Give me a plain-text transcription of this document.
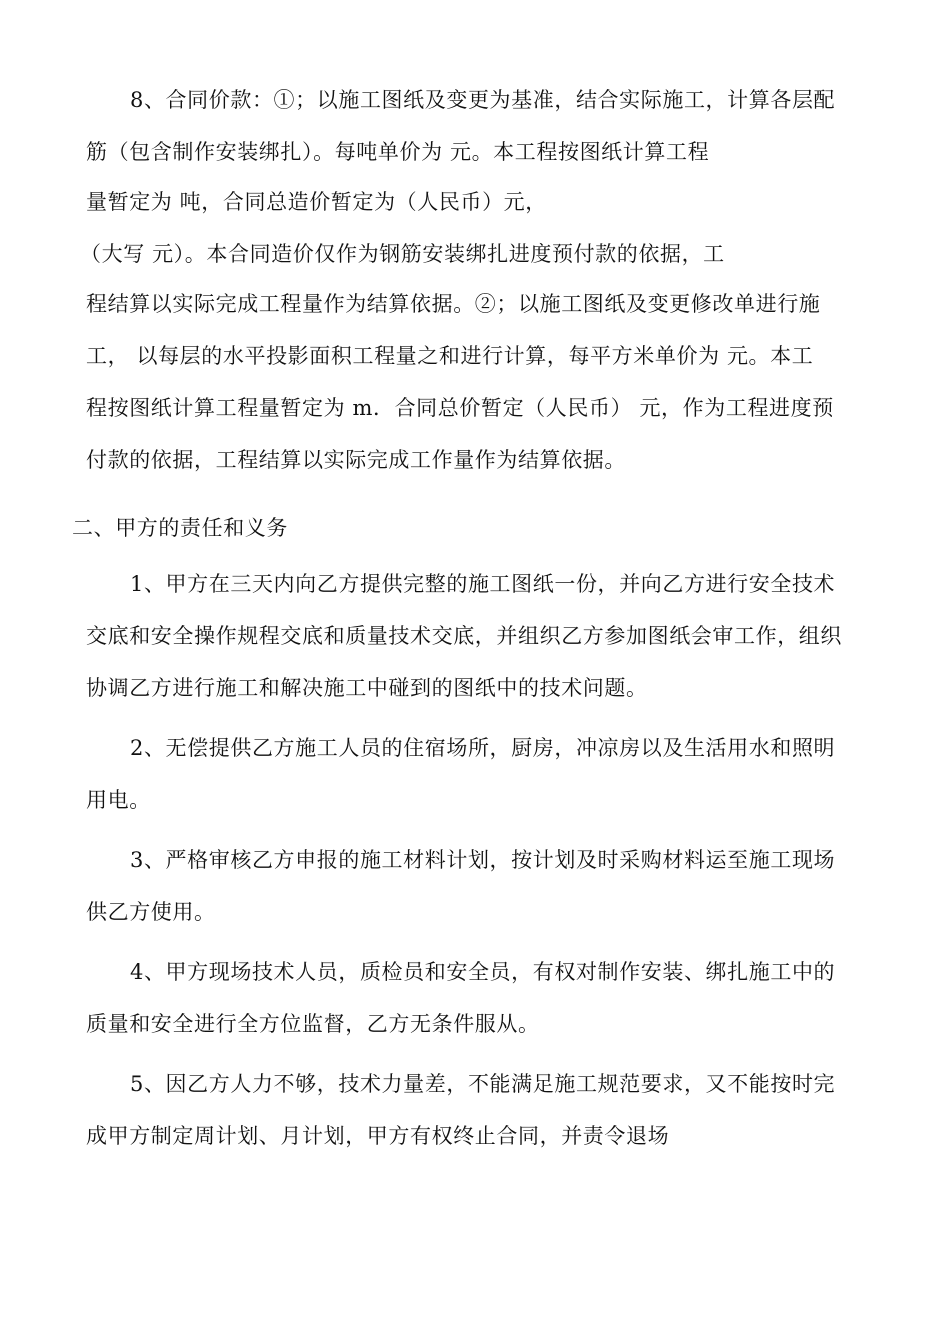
8、合同价款：①；以施工图纸及变更为基准，结合实际施工，计算各层配
筋（包含制作安装绑扎）。每吨单价为 元。本工程按图纸计算工程
量暂定为 吨，合同总造价暂定为（人民币）元，
（大写 元）。本合同造价仅作为钢筋安装绑扎进度预付款的依据，工
程结算以实际完成工程量作为结算依据。②；以施工图纸及变更修改单进行施
工， 以每层的水平投影面积工程量之和进行计算，每平方米单价为 元。本工
程按图纸计算工程量暂定为 m．合同总价暂定（人民币） 元，作为工程进度预
付款的依据，工程结算以实际完成工作量作为结算依据。
二、甲方的责任和义务
1、甲方在三天内向乙方提供完整的施工图纸一份，并向乙方进行安全技术
交底和安全操作规程交底和质量技术交底，并组织乙方参加图纸会审工作，组织
协调乙方进行施工和解决施工中碰到的图纸中的技术问题。
2、无偿提供乙方施工人员的住宿场所，厨房，冲凉房以及生活用水和照明
用电。
3、严格审核乙方申报的施工材料计划，按计划及时采购材料运至施工现场
供乙方使用。
4、甲方现场技术人员，质检员和安全员，有权对制作安装、绑扎施工中的
质量和安全进行全方位监督，乙方无条件服从。
5、因乙方人力不够，技术力量差，不能满足施工规范要求，又不能按时完
成甲方制定周计划、月计划，甲方有权终止合同，并责令退场
